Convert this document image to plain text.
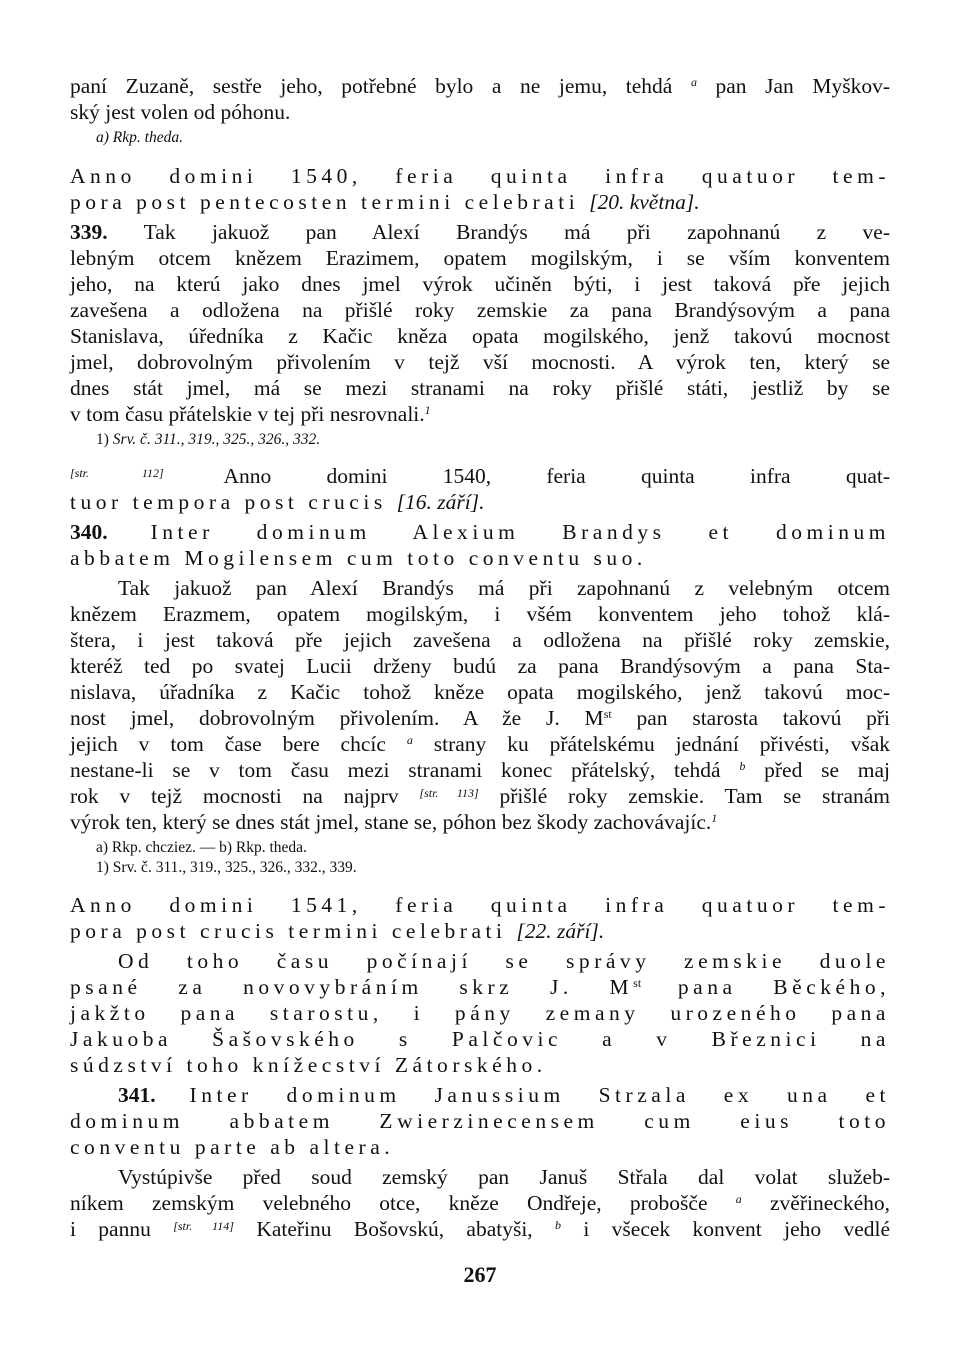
paní Zuzaně, sestře jeho, potřebné bylo a ne jemu, tehdá $^a$ pan Jan Myškov-
ský jest volen od póhonu.
a) Rkp. theda.
Anno domini 1540, feria quinta infra quatuor tem-
pora post pentecosten termini celebrati [20. května].
339. Tak jakuož pan Alexí Brandýs má při zapohnanú z ve-
lebným otcem knězem Erazimem, opatem mogilským, i se vším konventem
jeho, na kterú jako dnes jmel výrok učiněn býti, i jest taková pře jejich
zavešena a odložena na přišlé roky zemskie za pana Brandýsovým a pana
Stanislava, úředníka z Kačic kněza opata mogilského, jenž takovú mocnost
jmel, dobrovolným přivolením v tejž vší mocnosti. A výrok ten, který se
dnes stát jmel, má se mezi stranami na roky přišlé státi, jestliž by se
v tom času přátelskie v tej při nesrovnali.$^1$
1) Srv. č. 311., 319., 325., 326., 332.
[str. 112]	Anno domini 1540, feria quinta infra quat-
tuor tempora post crucis [16. září].
340. Inter dominum Alexium Brandys et dominum
abbatem Mogilensem cum toto conventu suo.
Tak jakuož pan Alexí Brandýs má při zapohnanú z velebným otcem
knězem Erazmem, opatem mogilským, i všém konventem jeho tohož klá-
štera, i jest taková pře jejich zavešena a odložena na přišlé roky zemskie,
kteréž ted po svatej Lucii drženy budú za pana Brandýsovým a pana Sta-
nislava, úřadníka z Kačic tohož kněze opata mogilského, jenž takovú moc-
nost jmel, dobrovolným přivolením. A že J. Mst pan starosta takovú při
jejich v tom čase bere chcíc $^a$ strany ku přátelskému jednání přivésti, však
nestane-li se v tom času mezi stranami konec přátelský, tehdá $^b$ před se maj
rok v tejž mocnosti na najprv [str. 113] přišlé roky zemskie. Tam se stranám
výrok ten, který se dnes stát jmel, stane se, póhon bez škody zachovávajíc.$^1$
a) Rkp. chcziez. — b) Rkp. theda.
1) Srv. č. 311., 319., 325., 326., 332., 339.
Anno domini 1541, feria quinta infra quatuor tem-
pora post crucis termini celebrati [22. září].
Od toho času počínají se správy zemskie duole
psané za novovybráním skrz J. Mst pana Běckého,
jakžto pana starostu, i pány zemany urozeného pana
Jakuoba Šašovského s Palčovic a v Březnici na
súdzství toho knížecství Zátorského.
341. Inter dominum Janussium Strzala ex una et
dominum abbatem Zwierzinecensem cum eius toto
conventu parte ab altera.
Vystúpivše před soud zemský pan Januš Střala dal volat služeb-
níkem zemským velebného otce, kněze Ondřeje, probošče $^a$ zvěřineckého,
i pannu [str. 114] Kateřinu Bošovskú, abatyši, $^b$ i všecek konvent jeho vedlé
267
